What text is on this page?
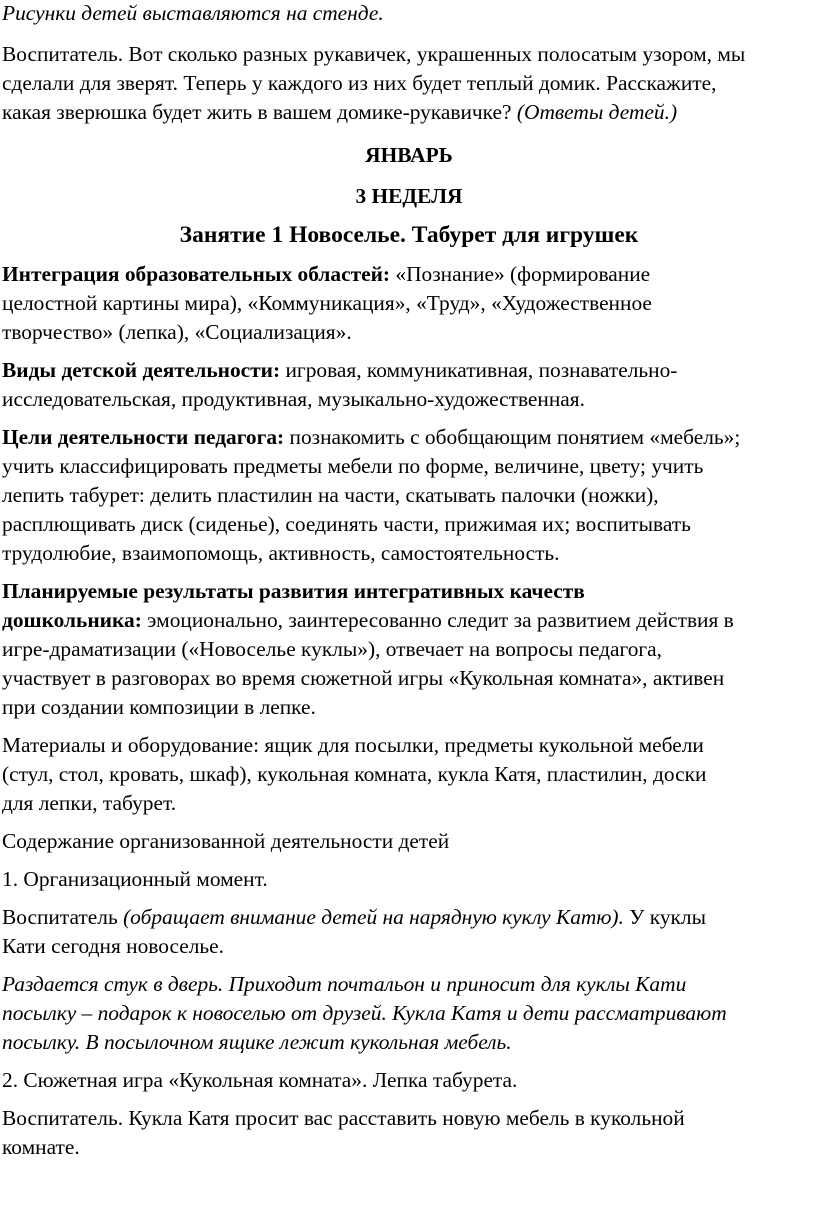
Рисунки детей выставляются на стенде.
Воспитатель. Вот сколько разных рукавичек, украшенных полосатым узором, мы
сделали для зверят. Теперь у каждого из них будет теплый домик. Расскажите,
какая зверюшка будет жить в вашем домике-рукавичке? (Ответы детей.)
ЯНВАРЬ
3 НЕДЕЛЯ
Занятие 1 Новоселье. Табурет для игрушек
Интеграция образовательных областей: «Познание» (формирование
целостной картины мира), «Коммуникация», «Труд», «Художественное
творчество» (лепка), «Социализация».
Виды детской деятельности: игровая, коммуникативная, познавательно-
исследовательская, продуктивная, музыкально-художественная.
Цели деятельности педагога: познакомить с обобщающим понятием «мебель»;
учить классифицировать предметы мебели по форме, величине, цвету; учить
лепить табурет: делить пластилин на части, скатывать палочки (ножки),
расплющивать диск (сиденье), соединять части, прижимая их; воспитывать
трудолюбие, взаимопомощь, активность, самостоятельность.
Планируемые результаты развития интегративных качеств
дошкольника: эмоционально, заинтересованно следит за развитием действия в
игре-драматизации («Новоселье куклы»), отвечает на вопросы педагога,
участвует в разговорах во время сюжетной игры «Кукольная комната», активен
при создании композиции в лепке.
Материалы и оборудование: ящик для посылки, предметы кукольной мебели
(стул, стол, кровать, шкаф), кукольная комната, кукла Катя, пластилин, доски
для лепки, табурет.
Содержание организованной деятельности детей
1. Организационный момент.
Воспитатель (обращает внимание детей на нарядную куклу Катю). У куклы
Кати сегодня новоселье.
Раздается стук в дверь. Приходит почтальон и приносит для куклы Кати
посылку – подарок к новоселью от друзей. Кукла Катя и дети рассматривают
посылку. В посылочном ящике лежит кукольная мебель.
2. Сюжетная игра «Кукольная комната». Лепка табурета.
Воспитатель. Кукла Катя просит вас расставить новую мебель в кукольной
комнате.
